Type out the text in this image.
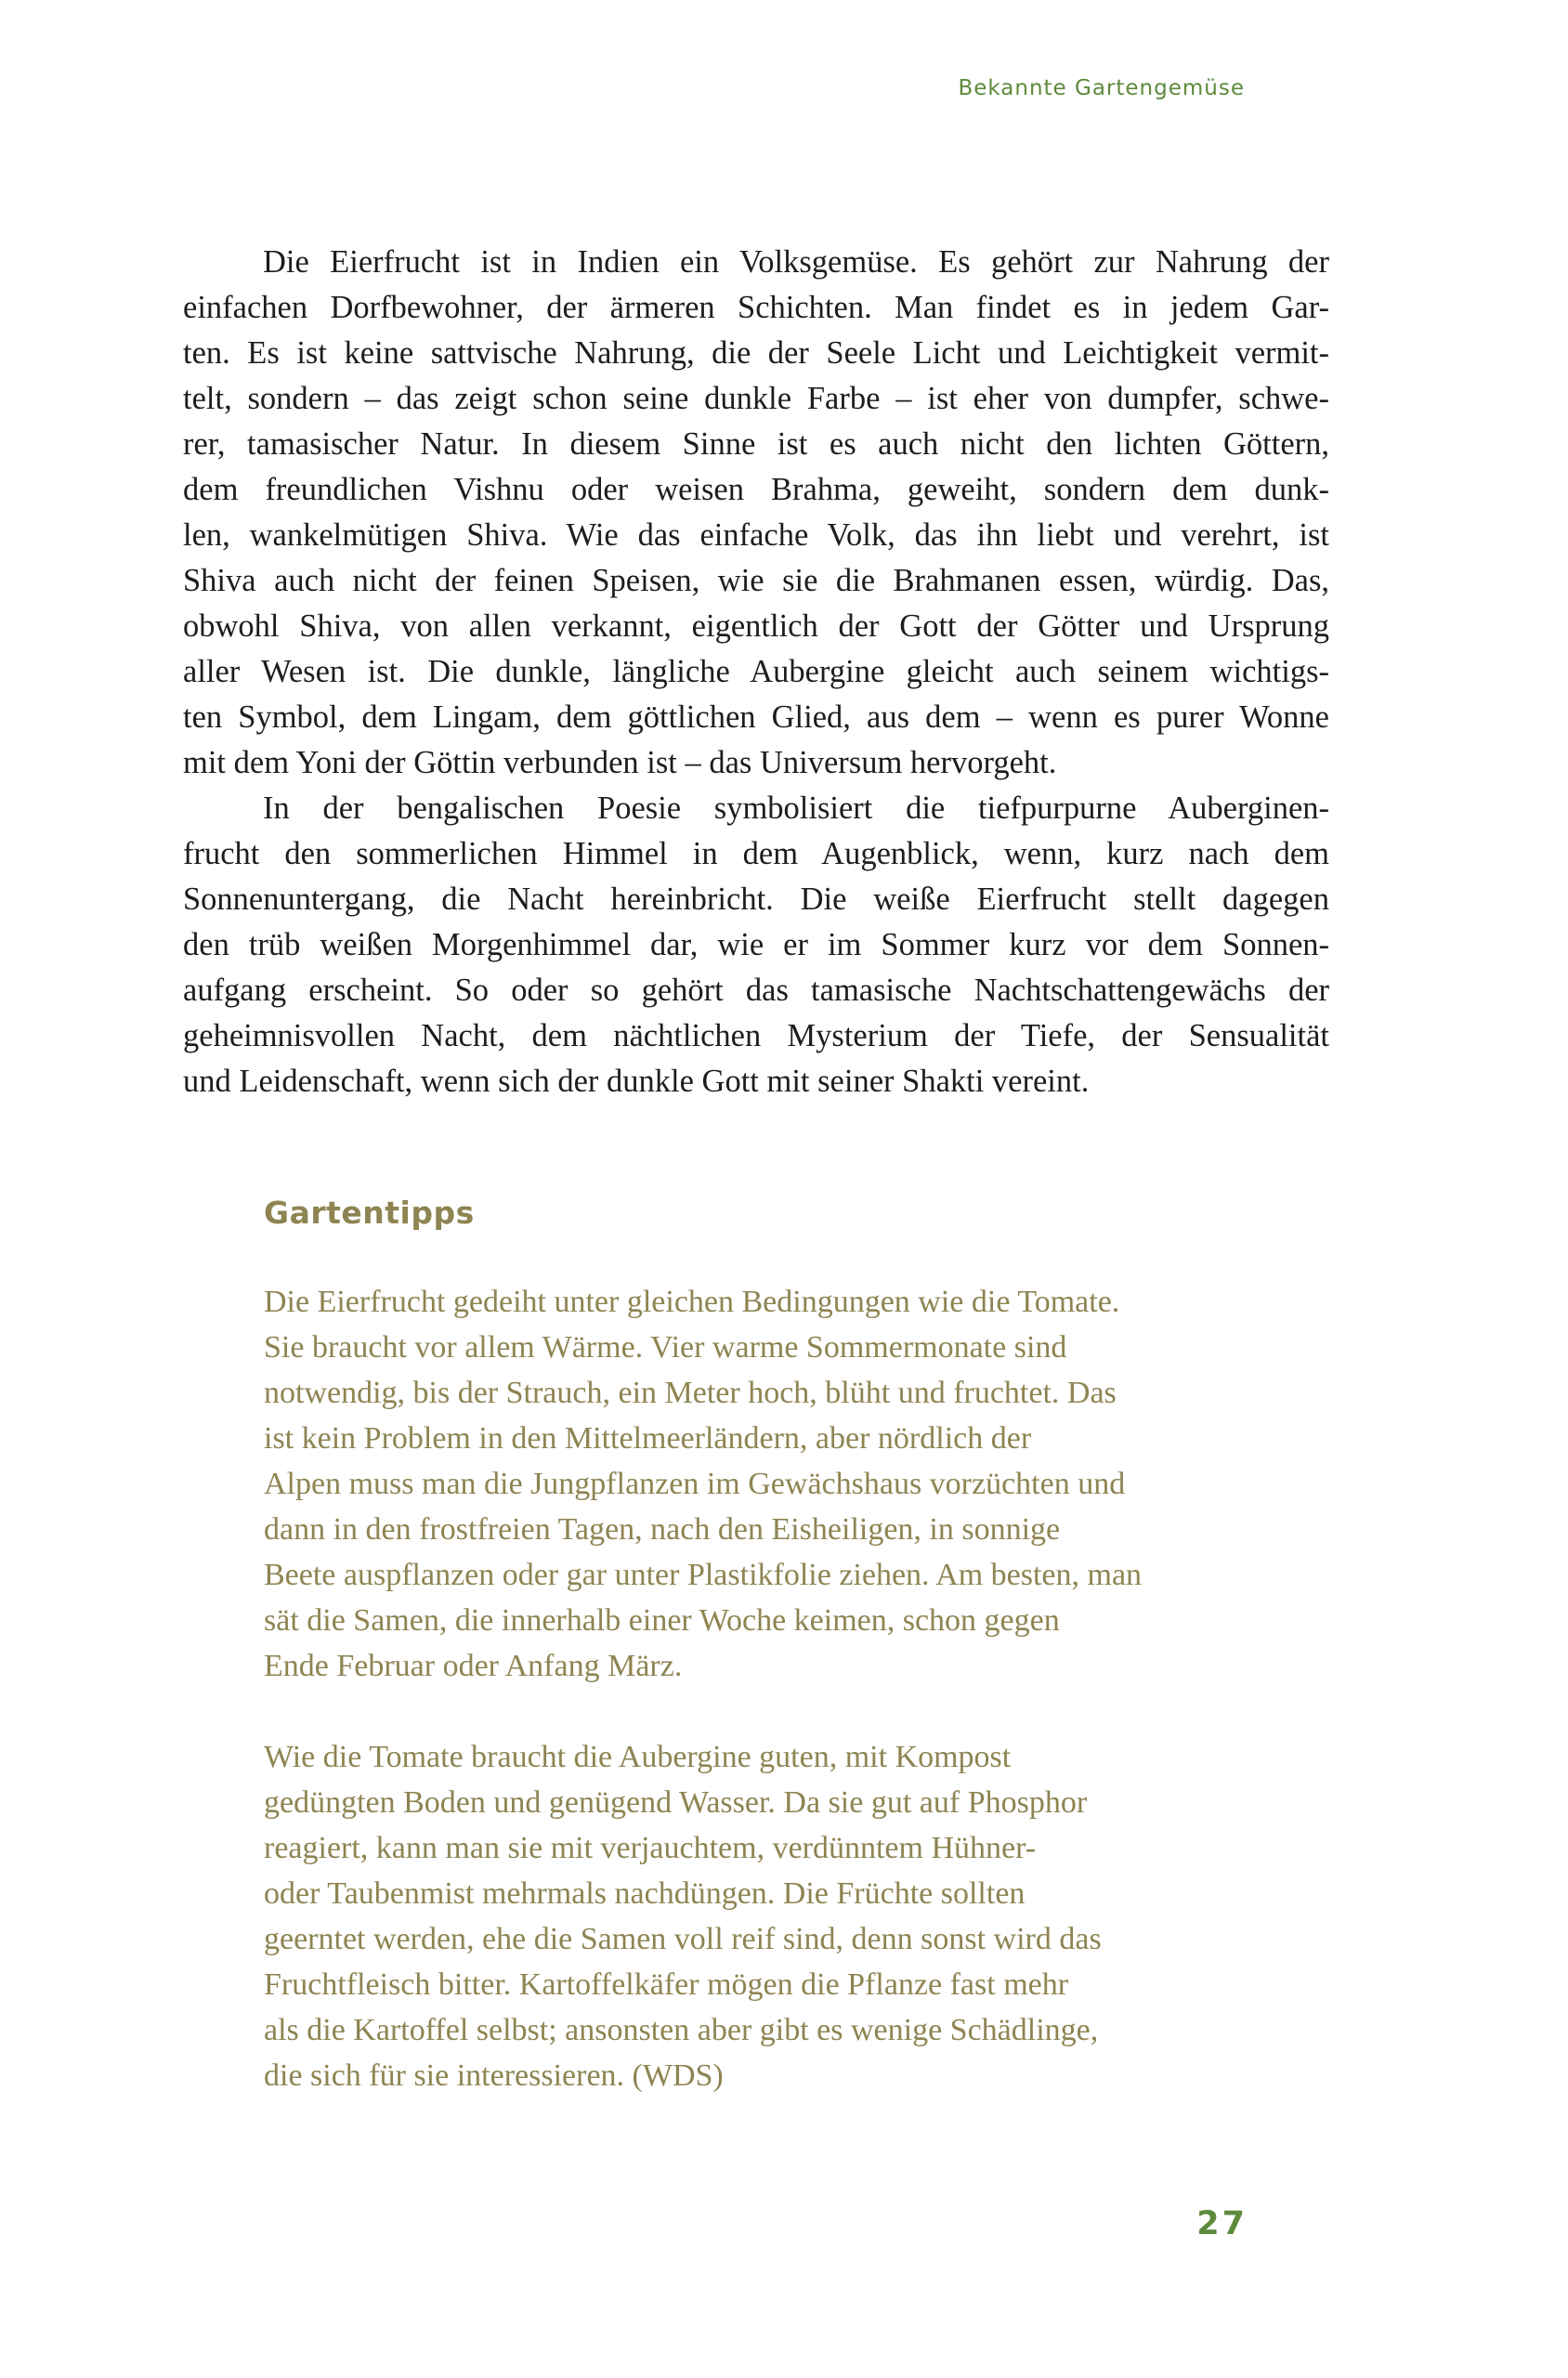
Bekannte Gartengemüse
Die Eierfrucht ist in Indien ein Volksgemüse. Es gehört zur Nahrung der
einfachen Dorfbewohner, der ärmeren Schichten. Man findet es in jedem Gar-
ten. Es ist keine sattvische Nahrung, die der Seele Licht und Leichtigkeit vermit-
telt, sondern – das zeigt schon seine dunkle Farbe – ist eher von dumpfer, schwe-
rer, tamasischer Natur. In diesem Sinne ist es auch nicht den lichten Göttern,
dem freundlichen Vishnu oder weisen Brahma, geweiht, sondern dem dunk-
len, wankelmütigen Shiva. Wie das einfache Volk, das ihn liebt und verehrt, ist
Shiva auch nicht der feinen Speisen, wie sie die Brahmanen essen, würdig. Das,
obwohl Shiva, von allen verkannt, eigentlich der Gott der Götter und Ursprung
aller Wesen ist. Die dunkle, längliche Aubergine gleicht auch seinem wichtigs-
ten Symbol, dem Lingam, dem göttlichen Glied, aus dem – wenn es purer Wonne
mit dem Yoni der Göttin verbunden ist – das Universum hervorgeht.
In der bengalischen Poesie symbolisiert die tiefpurpurne Auberginen-
frucht den sommerlichen Himmel in dem Augenblick, wenn, kurz nach dem
Sonnenuntergang, die Nacht hereinbricht. Die weiße Eierfrucht stellt dagegen
den trüb weißen Morgenhimmel dar, wie er im Sommer kurz vor dem Sonnen-
aufgang erscheint. So oder so gehört das tamasische Nachtschattengewächs der
geheimnisvollen Nacht, dem nächtlichen Mysterium der Tiefe, der Sensualität
und Leidenschaft, wenn sich der dunkle Gott mit seiner Shakti vereint.
Gartentipps
Die Eierfrucht gedeiht unter gleichen Bedingungen wie die Tomate.
Sie braucht vor allem Wärme. Vier warme Sommermonate sind
notwendig, bis der Strauch, ein Meter hoch, blüht und fruchtet. Das
ist kein Problem in den Mittelmeerländern, aber nördlich der
Alpen muss man die Jungpflanzen im Gewächshaus vorzüchten und
dann in den frostfreien Tagen, nach den Eisheiligen, in sonnige
Beete auspflanzen oder gar unter Plastikfolie ziehen. Am besten, man
sät die Samen, die innerhalb einer Woche keimen, schon gegen
Ende Februar oder Anfang März.
Wie die Tomate braucht die Aubergine guten, mit Kompost
gedüngten Boden und genügend Wasser. Da sie gut auf Phosphor
reagiert, kann man sie mit verjauchtem, verdünntem Hühner-
oder Taubenmist mehrmals nachdüngen. Die Früchte sollten
geerntet werden, ehe die Samen voll reif sind, denn sonst wird das
Fruchtfleisch bitter. Kartoffelkäfer mögen die Pflanze fast mehr
als die Kartoffel selbst; ansonsten aber gibt es wenige Schädlinge,
die sich für sie interessieren. (WDS)
27
